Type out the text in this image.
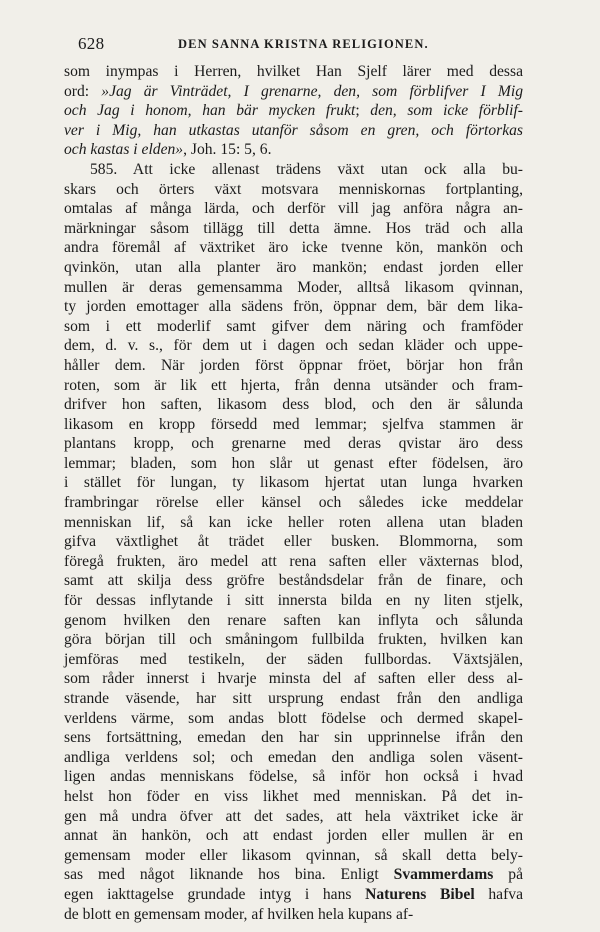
628	DEN SANNA KRISTNA RELIGIONEN.
som inympas i Herren, hvilket Han Sjelf lärer med dessa
ord: »Jag är Vinträdet, I grenarne, den, som förblifver I Mig
och Jag i honom, han bär mycken frukt; den, som icke förblif-
ver i Mig, han utkastas utanför såsom en gren, och förtorkas
och kastas i elden», Joh. 15: 5, 6.
585. Att icke allenast trädens växt utan ock alla bu-
skars och örters växt motsvara menniskornas fortplanting,
omtalas af många lärda, och derför vill jag anföra några an-
märkningar såsom tillägg till detta ämne. Hos träd och alla
andra föremål af växtriket äro icke tvenne kön, mankön och
qvinkön, utan alla planter äro mankön; endast jorden eller
mullen är deras gemensamma Moder, alltså likasom qvinnan,
ty jorden emottager alla sädens frön, öppnar dem, bär dem lika-
som i ett moderlif samt gifver dem näring och framföder
dem, d. v. s., för dem ut i dagen och sedan kläder och uppe-
håller dem. När jorden först öppnar fröet, börjar hon från
roten, som är lik ett hjerta, från denna utsänder och fram-
drifver hon saften, likasom dess blod, och den är sålunda
likasom en kropp försedd med lemmar; sjelfva stammen är
plantans kropp, och grenarne med deras qvistar äro dess
lemmar; bladen, som hon slår ut genast efter födelsen, äro
i stället för lungan, ty likasom hjertat utan lunga hvarken
frambringar rörelse eller känsel och således icke meddelar
menniskan lif, så kan icke heller roten allena utan bladen
gifva växtlighet åt trädet eller busken. Blommorna, som
föregå frukten, äro medel att rena saften eller växternas blod,
samt att skilja dess gröfre beståndsdelar från de finare, och
för dessas inflytande i sitt innersta bilda en ny liten stjelk,
genom hvilken den renare saften kan inflyta och sålunda
göra början till och småningom fullbilda frukten, hvilken kan
jemföras med testikeln, der säden fullbordas. Växtsjälen,
som råder innerst i hvarje minsta del af saften eller dess al-
strande väsende, har sitt ursprung endast från den andliga
verldens värme, som andas blott födelse och dermed skapel-
sens fortsättning, emedan den har sin upprinnelse ifrån den
andliga verldens sol; och emedan den andliga solen väsent-
ligen andas menniskans födelse, så inför hon också i hvad
helst hon föder en viss likhet med menniskan. På det in-
gen må undra öfver att det sades, att hela växtriket icke är
annat än hankön, och att endast jorden eller mullen är en
gemensam moder eller likasom qvinnan, så skall detta bely-
sas med något liknande hos bina. Enligt Svammerdams på
egen iakttagelse grundade intyg i hans Naturens Bibel hafva
de blott en gemensam moder, af hvilken hela kupans af-
